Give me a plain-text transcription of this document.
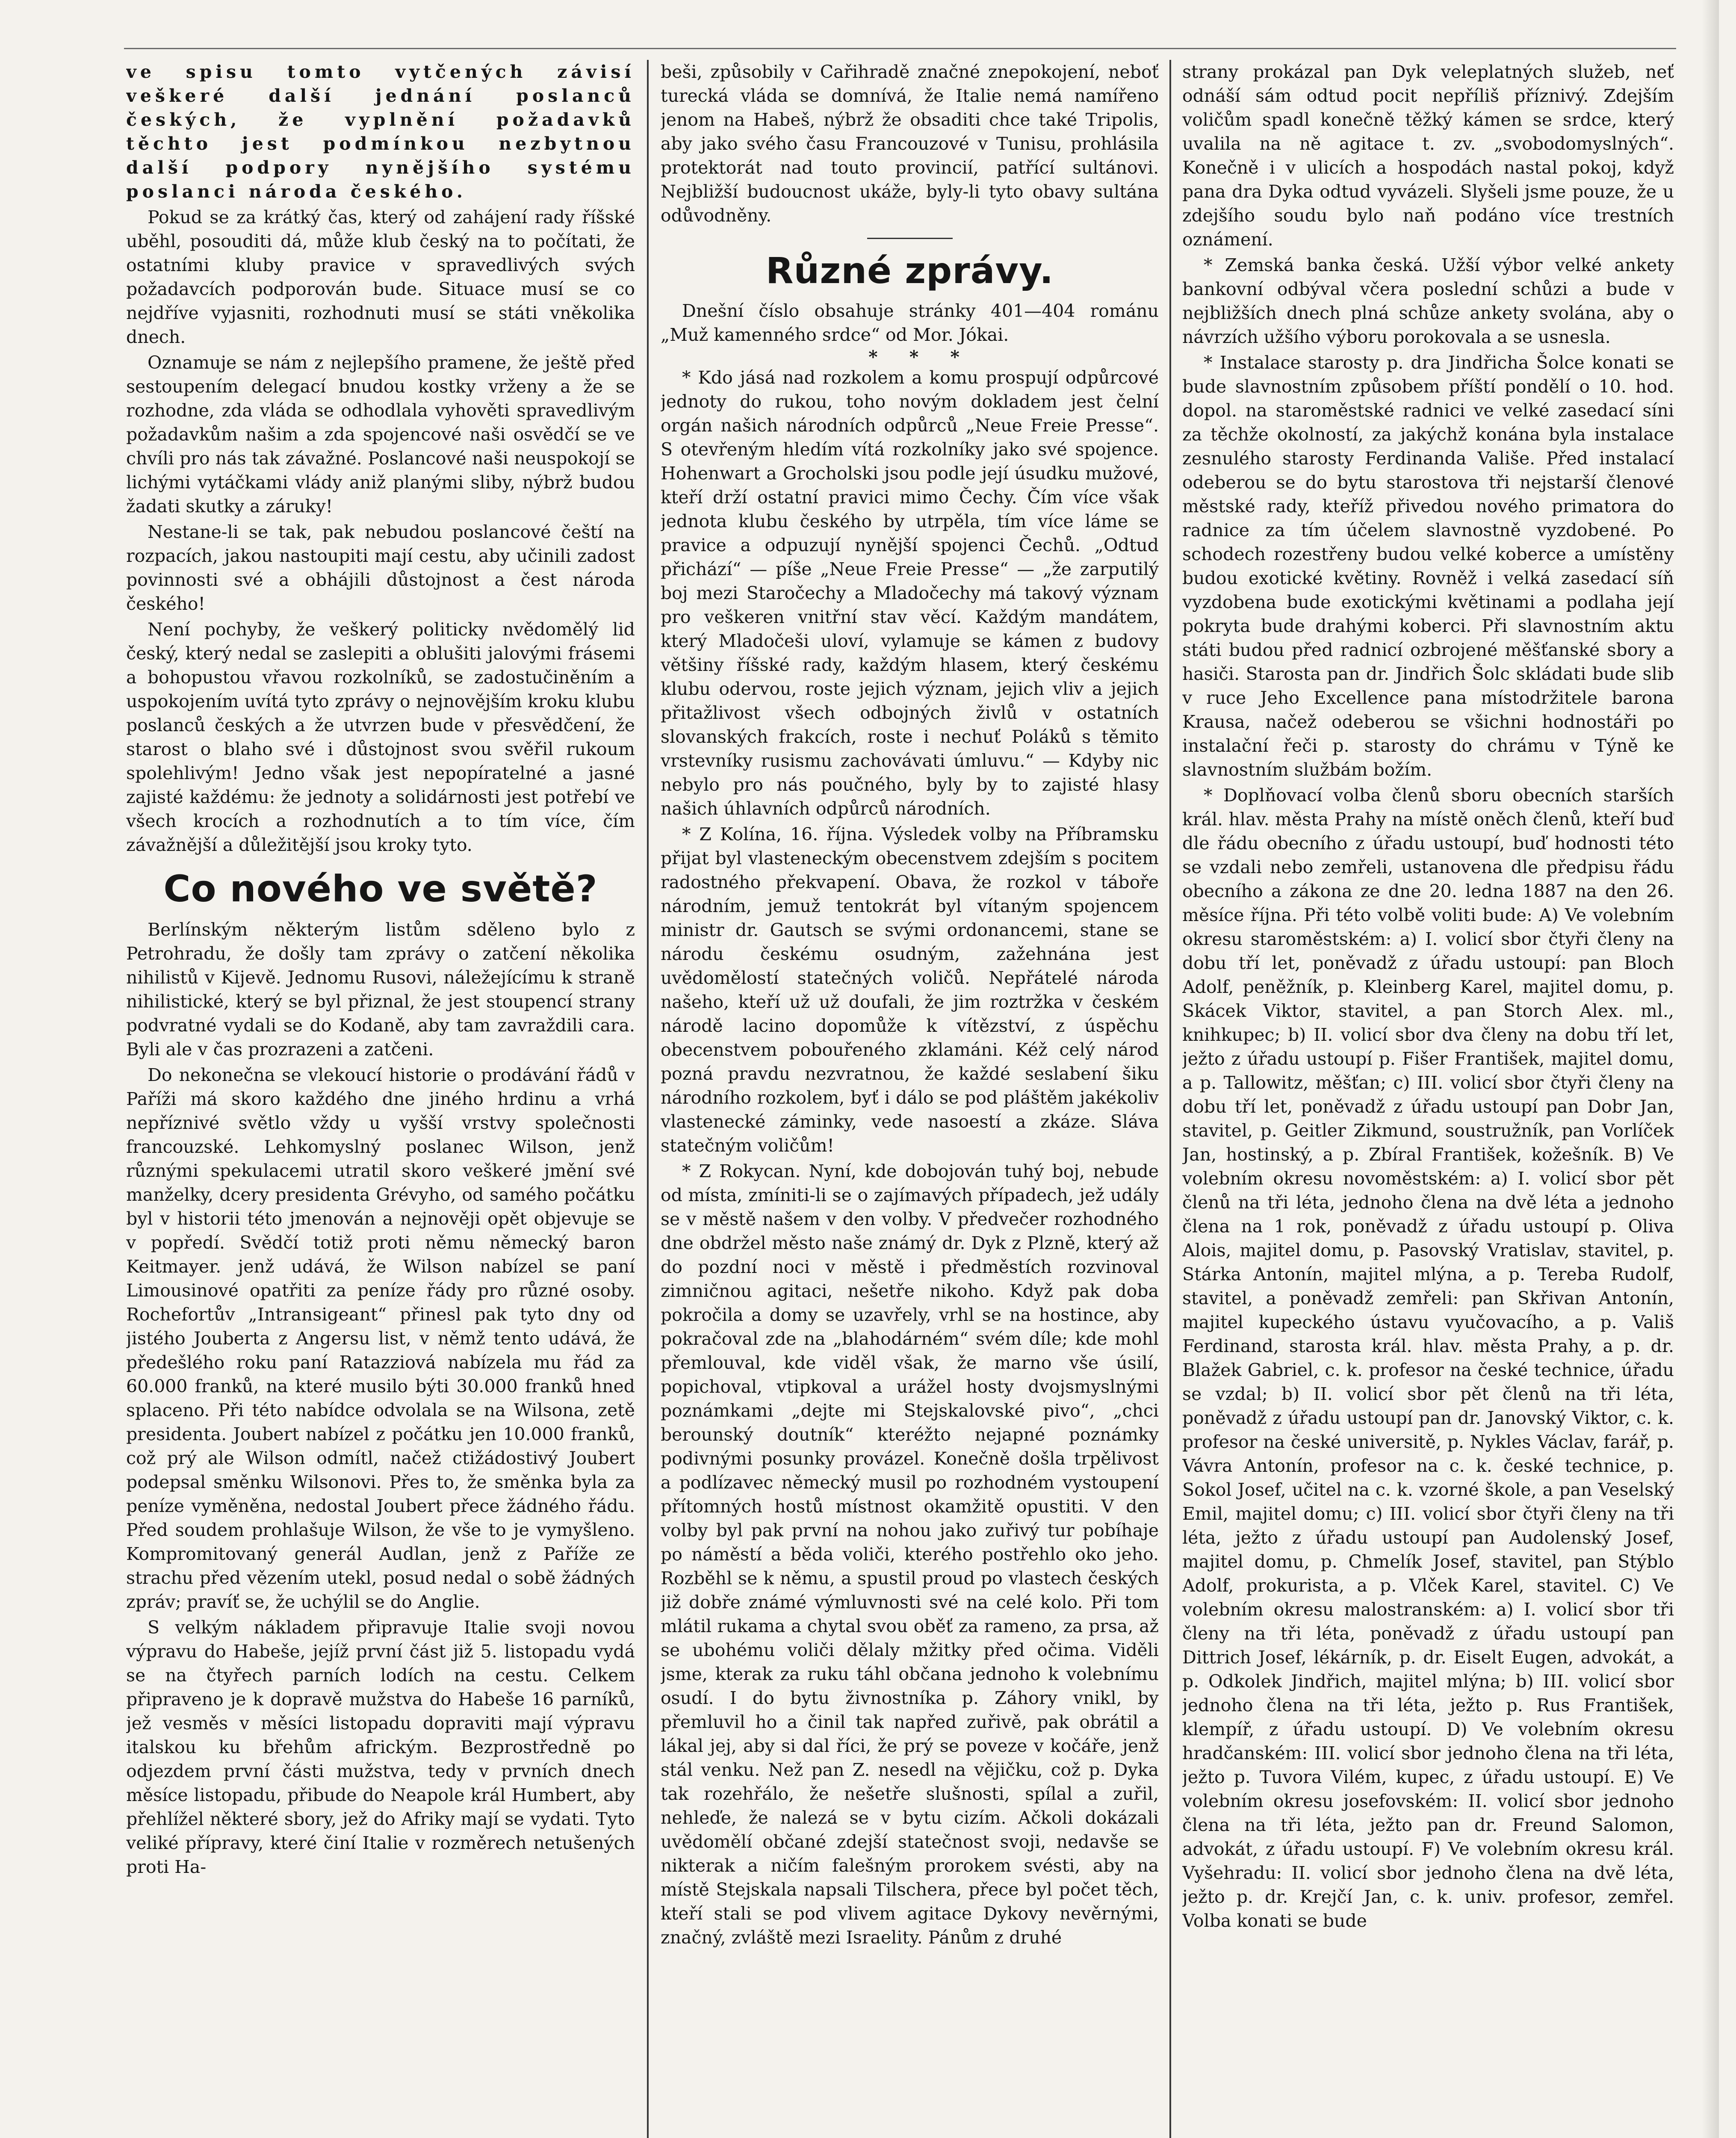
ve spisu tomto vytčených závisí veškeré další jednání poslanců českých, že vyplnění požadavků těchto jest podmínkou nezbytnou další podpory nynějšího systému poslanci národa českého.

Pokud se za krátký čas, který od zahájení rady říšské uběhl, posouditi dá, může klub český na to počítati, že ostatními kluby pravice v spravedlivých svých požadavcích podporován bude. Situace musí se co nejdříve vyjasniti, rozhodnuti musí se státi vněkolika dnech.

Oznamuje se nám z nejlepšího pramene, že ještě před sestoupením delegací bnudou kostky vrženy a že se rozhodne, zda vláda se odhodlala vyhověti spravedlivým požadavkům našim a zda spojencové naši osvědčí se ve chvíli pro nás tak závažné. Poslancové naši neuspokojí se lichými vytáčkami vlády aniž planými sliby, nýbrž budou žadati skutky a záruky!

Nestane-li se tak, pak nebudou poslancové čeští na rozpacích, jakou nastoupiti mají cestu, aby učinili zadost povinnosti své a obhájili důstojnost a čest národa českého!

Není pochyby, že veškerý politicky nvědomělý lid český, který nedal se zaslepiti a oblušiti jalovými frásemi a bohopustou vřavou rozkolníků, se zadostučiněním a uspokojením uvítá tyto zprávy o nejnovějším kroku klubu poslanců českých a že utvrzen bude v přesvědčení, že starost o blaho své i důstojnost svou svěřil rukoum spolehlivým! Jedno však jest nepopíratelné a jasné zajisté každému: že jednoty a solidárnosti jest potřebí ve všech krocích a rozhodnutích a to tím více, čím závažnější a důležitější jsou kroky tyto.

Co nového ve světě?

Berlínským některým listům sděleno bylo z Petrohradu, že došly tam zprávy o zatčení několika nihilistů v Kijevě. Jednomu Rusovi, náležejícímu k straně nihilistické, který se byl přiznal, že jest stoupencí strany podvratné vydali se do Kodaně, aby tam zavraždili cara. Byli ale v čas prozrazeni a zatčeni.

Do nekonečna se vlekoucí historie o prodávání řádů v Paříži má skoro každého dne jiného hrdinu a vrhá nepříznivé světlo vždy u vyšší vrstvy společnosti francouzské. Lehkomyslný poslanec Wilson, jenž různými spekulacemi utratil skoro veškeré jmění své manželky, dcery presidenta Grévyho, od samého počátku byl v historii této jmenován a nejnověji opět objevuje se v popředí. Svědčí totiž proti němu německý baron Keitmayer. jenž udává, že Wilson nabízel se paní Limousinové opatřiti za peníze řády pro různé osoby. Rochefortův „Intransigeant“ přinesl pak tyto dny od jistého Jouberta z Angersu list, v němž tento udává, že předešlého roku paní Ratazziová nabízela mu řád za 60.000 franků, na které musilo býti 30.000 franků hned splaceno. Při této nabídce odvolala se na Wilsona, zetě presidenta. Joubert nabízel z počátku jen 10.000 franků, což prý ale Wilson odmítl, načež ctižádostivý Joubert podepsal směnku Wilsonovi. Přes to, že směnka byla za peníze vyměněna, nedostal Joubert přece žádného řádu. Před soudem prohlašuje Wilson, že vše to je vymyšleno. Kompromitovaný generál Audlan, jenž z Paříže ze strachu před vězením utekl, posud nedal o sobě žádných zpráv; pravíť se, že uchýlil se do Anglie.

S velkým nákladem připravuje Italie svoji novou výpravu do Habeše, jejíž první část již 5. listopadu vydá se na čtyřech parních lodích na cestu. Celkem připraveno je k dopravě mužstva do Habeše 16 parníků, jež vesměs v měsíci listopadu dopraviti mají výpravu italskou ku břehům africkým. Bezprostředně po odjezdem první části mužstva, tedy v prvních dnech měsíce listopadu, přibude do Neapole král Humbert, aby přehlížel některé sbory, jež do Afriky mají se vydati. Tyto veliké přípravy, které činí Italie v rozměrech netušených proti Ha-

beši, způsobily v Cařihradě značné znepokojení, neboť turecká vláda se domnívá, že Italie nemá namířeno jenom na Habeš, nýbrž že obsaditi chce také Tripolis, aby jako svého času Francouzové v Tunisu, prohlásila protektorát nad touto provincií, patřící sultánovi. Nejbližší budoucnost ukáže, byly-li tyto obavy sultána odůvodněny.

Různé zprávy.

Dnešní číslo obsahuje stránky 401—404 románu „Muž kamenného srdce“ od Mor. Jókai.

* * *

* Kdo jásá nad rozkolem a komu prospují odpůrcové jednoty do rukou, toho novým dokladem jest čelní orgán našich národních odpůrců „Neue Freie Presse“. S otevřeným hledím vítá rozkolníky jako své spojence. Hohenwart a Grocholski jsou podle její úsudku mužové, kteří drží ostatní pravici mimo Čechy. Čím více však jednota klubu českého by utrpěla, tím více láme se pravice a odpuzují nynější spojenci Čechů. „Odtud přichází“ — píše „Neue Freie Presse“ — „že zarputilý boj mezi Staročechy a Mladočechy má takový význam pro veškeren vnitřní stav věcí. Každým mandátem, který Mladočeši uloví, vylamuje se kámen z budovy většiny říšské rady, každým hlasem, který českému klubu odervou, roste jejich význam, jejich vliv a jejich přitažlivost všech odbojných živlů v ostatních slovanských frakcích, roste i nechuť Poláků s těmito vrstevníky rusismu zachovávati úmluvu.“ — Kdyby nic nebylo pro nás poučného, byly by to zajisté hlasy našich úhlavních odpůrců národních.

* Z Kolína, 16. října. Výsledek volby na Příbramsku přijat byl vlasteneckým obecenstvem zdejším s pocitem radostného překvapení. Obava, že rozkol v táboře národním, jemuž tentokrát byl vítaným spojencem ministr dr. Gautsch se svými ordonancemi, stane se národu českému osudným, zažehnána jest uvědomělostí statečných voličů. Nepřátelé národa našeho, kteří už už doufali, že jim roztržka v českém národě lacino dopomůže k vítězství, z úspěchu obecenstvem pobouřeného zklamáni. Kéž celý národ pozná pravdu nezvratnou, že každé seslabení šiku národního rozkolem, byť i dálo se pod pláštěm jakékoliv vlastenecké záminky, vede nasoestí a zkáze. Sláva statečným voličům!

* Z Rokycan. Nyní, kde dobojován tuhý boj, nebude od místa, zmíniti-li se o zajímavých případech, jež udály se v městě našem v den volby. V předvečer rozhodného dne obdržel město naše známý dr. Dyk z Plzně, který až do pozdní noci v městě i předměstích rozvinoval zimničnou agitaci, nešetře nikoho. Když pak doba pokročila a domy se uzavřely, vrhl se na hostince, aby pokračoval zde na „blahodárném“ svém díle; kde mohl přemlouval, kde viděl však, že marno vše úsilí, popichoval, vtipkoval a urážel hosty dvojsmyslnými poznámkami „dejte mi Stejskalovské pivo“, „chci berounský doutník“ kteréžto nejapné poznámky podivnými posunky provázel. Konečně došla trpělivost a podlízavec německý musil po rozhodném vystoupení přítomných hostů místnost okamžitě opustiti. V den volby byl pak první na nohou jako zuřivý tur pobíhaje po náměstí a běda voliči, kterého postřehlo oko jeho. Rozběhl se k němu, a spustil proud po vlastech českých již dobře známé výmluvnosti své na celé kolo. Při tom mlátil rukama a chytal svou oběť za rameno, za prsa, až se ubohému voliči dělaly mžitky před očima. Viděli jsme, kterak za ruku táhl občana jednoho k volebnímu osudí. I do bytu živnostníka p. Záhory vnikl, by přemluvil ho a činil tak napřed zuřivě, pak obrátil a lákal jej, aby si dal říci, že prý se poveze v kočáře, jenž stál venku. Než pan Z. nesedl na vějičku, což p. Dyka tak rozehřálo, že nešetře slušnosti, spílal a zuřil, nehleďe, že nalezá se v bytu cizím. Ačkoli dokázali uvědomělí občané zdejší statečnost svoji, nedavše se nikterak a ničím falešným prorokem svésti, aby na místě Stejskala napsali Tilschera, přece byl počet těch, kteří stali se pod vlivem agitace Dykovy nevěrnými, značný, zvláště mezi Israelity. Pánům z druhé

strany prokázal pan Dyk veleplatných služeb, neť odnáší sám odtud pocit nepříliš příznivý. Zdejším voličům spadl konečně těžký kámen se srdce, který uvalila na ně agitace t. zv. „svobodomyslných“. Konečně i v ulicích a hospodách nastal pokoj, když pana dra Dyka odtud vyvázeli. Slyšeli jsme pouze, že u zdejšího soudu bylo naň podáno více trestních oznámení.

* Zemská banka česká. Užší výbor velké ankety bankovní odbýval včera poslední schůzi a bude v nejbližších dnech plná schůze ankety svolána, aby o návrzích užšího výboru porokovala a se usnesla.

* Instalace starosty p. dra Jindřicha Šolce konati se bude slavnostním způsobem příští pondělí o 10. hod. dopol. na staroměstské radnici ve velké zasedací síni za těchže okolností, za jakýchž konána byla instalace zesnulého starosty Ferdinanda Vališe. Před instalací odeberou se do bytu starostova tři nejstarší členové městské rady, kteříž přivedou nového primatora do radnice za tím účelem slavnostně vyzdobené. Po schodech rozestřeny budou velké koberce a umístěny budou exotické květiny. Rovněž i velká zasedací síň vyzdobena bude exotickými květinami a podlaha její pokryta bude drahými koberci. Při slavnostním aktu státi budou před radnicí ozbrojené měšťanské sbory a hasiči. Starosta pan dr. Jindřich Šolc skládati bude slib v ruce Jeho Excellence pana místodržitele barona Krausa, načež odeberou se všichni hodnostáři po instalační řeči p. starosty do chrámu v Týně ke slavnostním službám božím.

* Doplňovací volba členů sboru obecních starších král. hlav. města Prahy na místě oněch členů, kteří buď dle řádu obecního z úřadu ustoupí, buď hodnosti této se vzdali nebo zemřeli, ustanovena dle předpisu řádu obecního a zákona ze dne 20. ledna 1887 na den 26. měsíce října. Při této volbě voliti bude: A) Ve volebním okresu staroměstském: a) I. volicí sbor čtyři členy na dobu tří let, poněvadž z úřadu ustoupí: pan Bloch Adolf, peněžník, p. Kleinberg Karel, majitel domu, p. Skácek Viktor, stavitel, a pan Storch Alex. ml., knihkupec; b) II. volicí sbor dva členy na dobu tří let, ježto z úřadu ustoupí p. Fišer František, majitel domu, a p. Tallowitz, měšťan; c) III. volicí sbor čtyři členy na dobu tří let, poněvadž z úřadu ustoupí pan Dobr Jan, stavitel, p. Geitler Zikmund, soustružník, pan Vorlíček Jan, hostinský, a p. Zbíral František, kožešník. B) Ve volebním okresu novoměstském: a) I. volicí sbor pět členů na tři léta, jednoho člena na dvě léta a jednoho člena na 1 rok, poněvadž z úřadu ustoupí p. Oliva Alois, majitel domu, p. Pasovský Vratislav, stavitel, p. Stárka Antonín, majitel mlýna, a p. Tereba Rudolf, stavitel, a poněvadž zemřeli: pan Skřivan Antonín, majitel kupeckého ústavu vyučovacího, a p. Vališ Ferdinand, starosta král. hlav. města Prahy, a p. dr. Blažek Gabriel, c. k. profesor na české technice, úřadu se vzdal; b) II. volicí sbor pět členů na tři léta, poněvadž z úřadu ustoupí pan dr. Janovský Viktor, c. k. profesor na české universitě, p. Nykles Václav, farář, p. Vávra Antonín, profesor na c. k. české technice, p. Sokol Josef, učitel na c. k. vzorné škole, a pan Veselský Emil, majitel domu; c) III. volicí sbor čtyři členy na tři léta, ježto z úřadu ustoupí pan Audolenský Josef, majitel domu, p. Chmelík Josef, stavitel, pan Stýblo Adolf, prokurista, a p. Vlček Karel, stavitel. C) Ve volebním okresu malostranském: a) I. volicí sbor tři členy na tři léta, poněvadž z úřadu ustoupí pan Dittrich Josef, lékárník, p. dr. Eiselt Eugen, advokát, a p. Odkolek Jindřich, majitel mlýna; b) III. volicí sbor jednoho člena na tři léta, ježto p. Rus František, klempíř, z úřadu ustoupí. D) Ve volebním okresu hradčanském: III. volicí sbor jednoho člena na tři léta, ježto p. Tuvora Vilém, kupec, z úřadu ustoupí. E) Ve volebním okresu josefovském: II. volicí sbor jednoho člena na tři léta, ježto pan dr. Freund Salomon, advokát, z úřadu ustoupí. F) Ve volebním okresu král. Vyšehradu: II. volicí sbor jednoho člena na dvě léta, ježto p. dr. Krejčí Jan, c. k. univ. profesor, zemřel. Volba konati se bude
